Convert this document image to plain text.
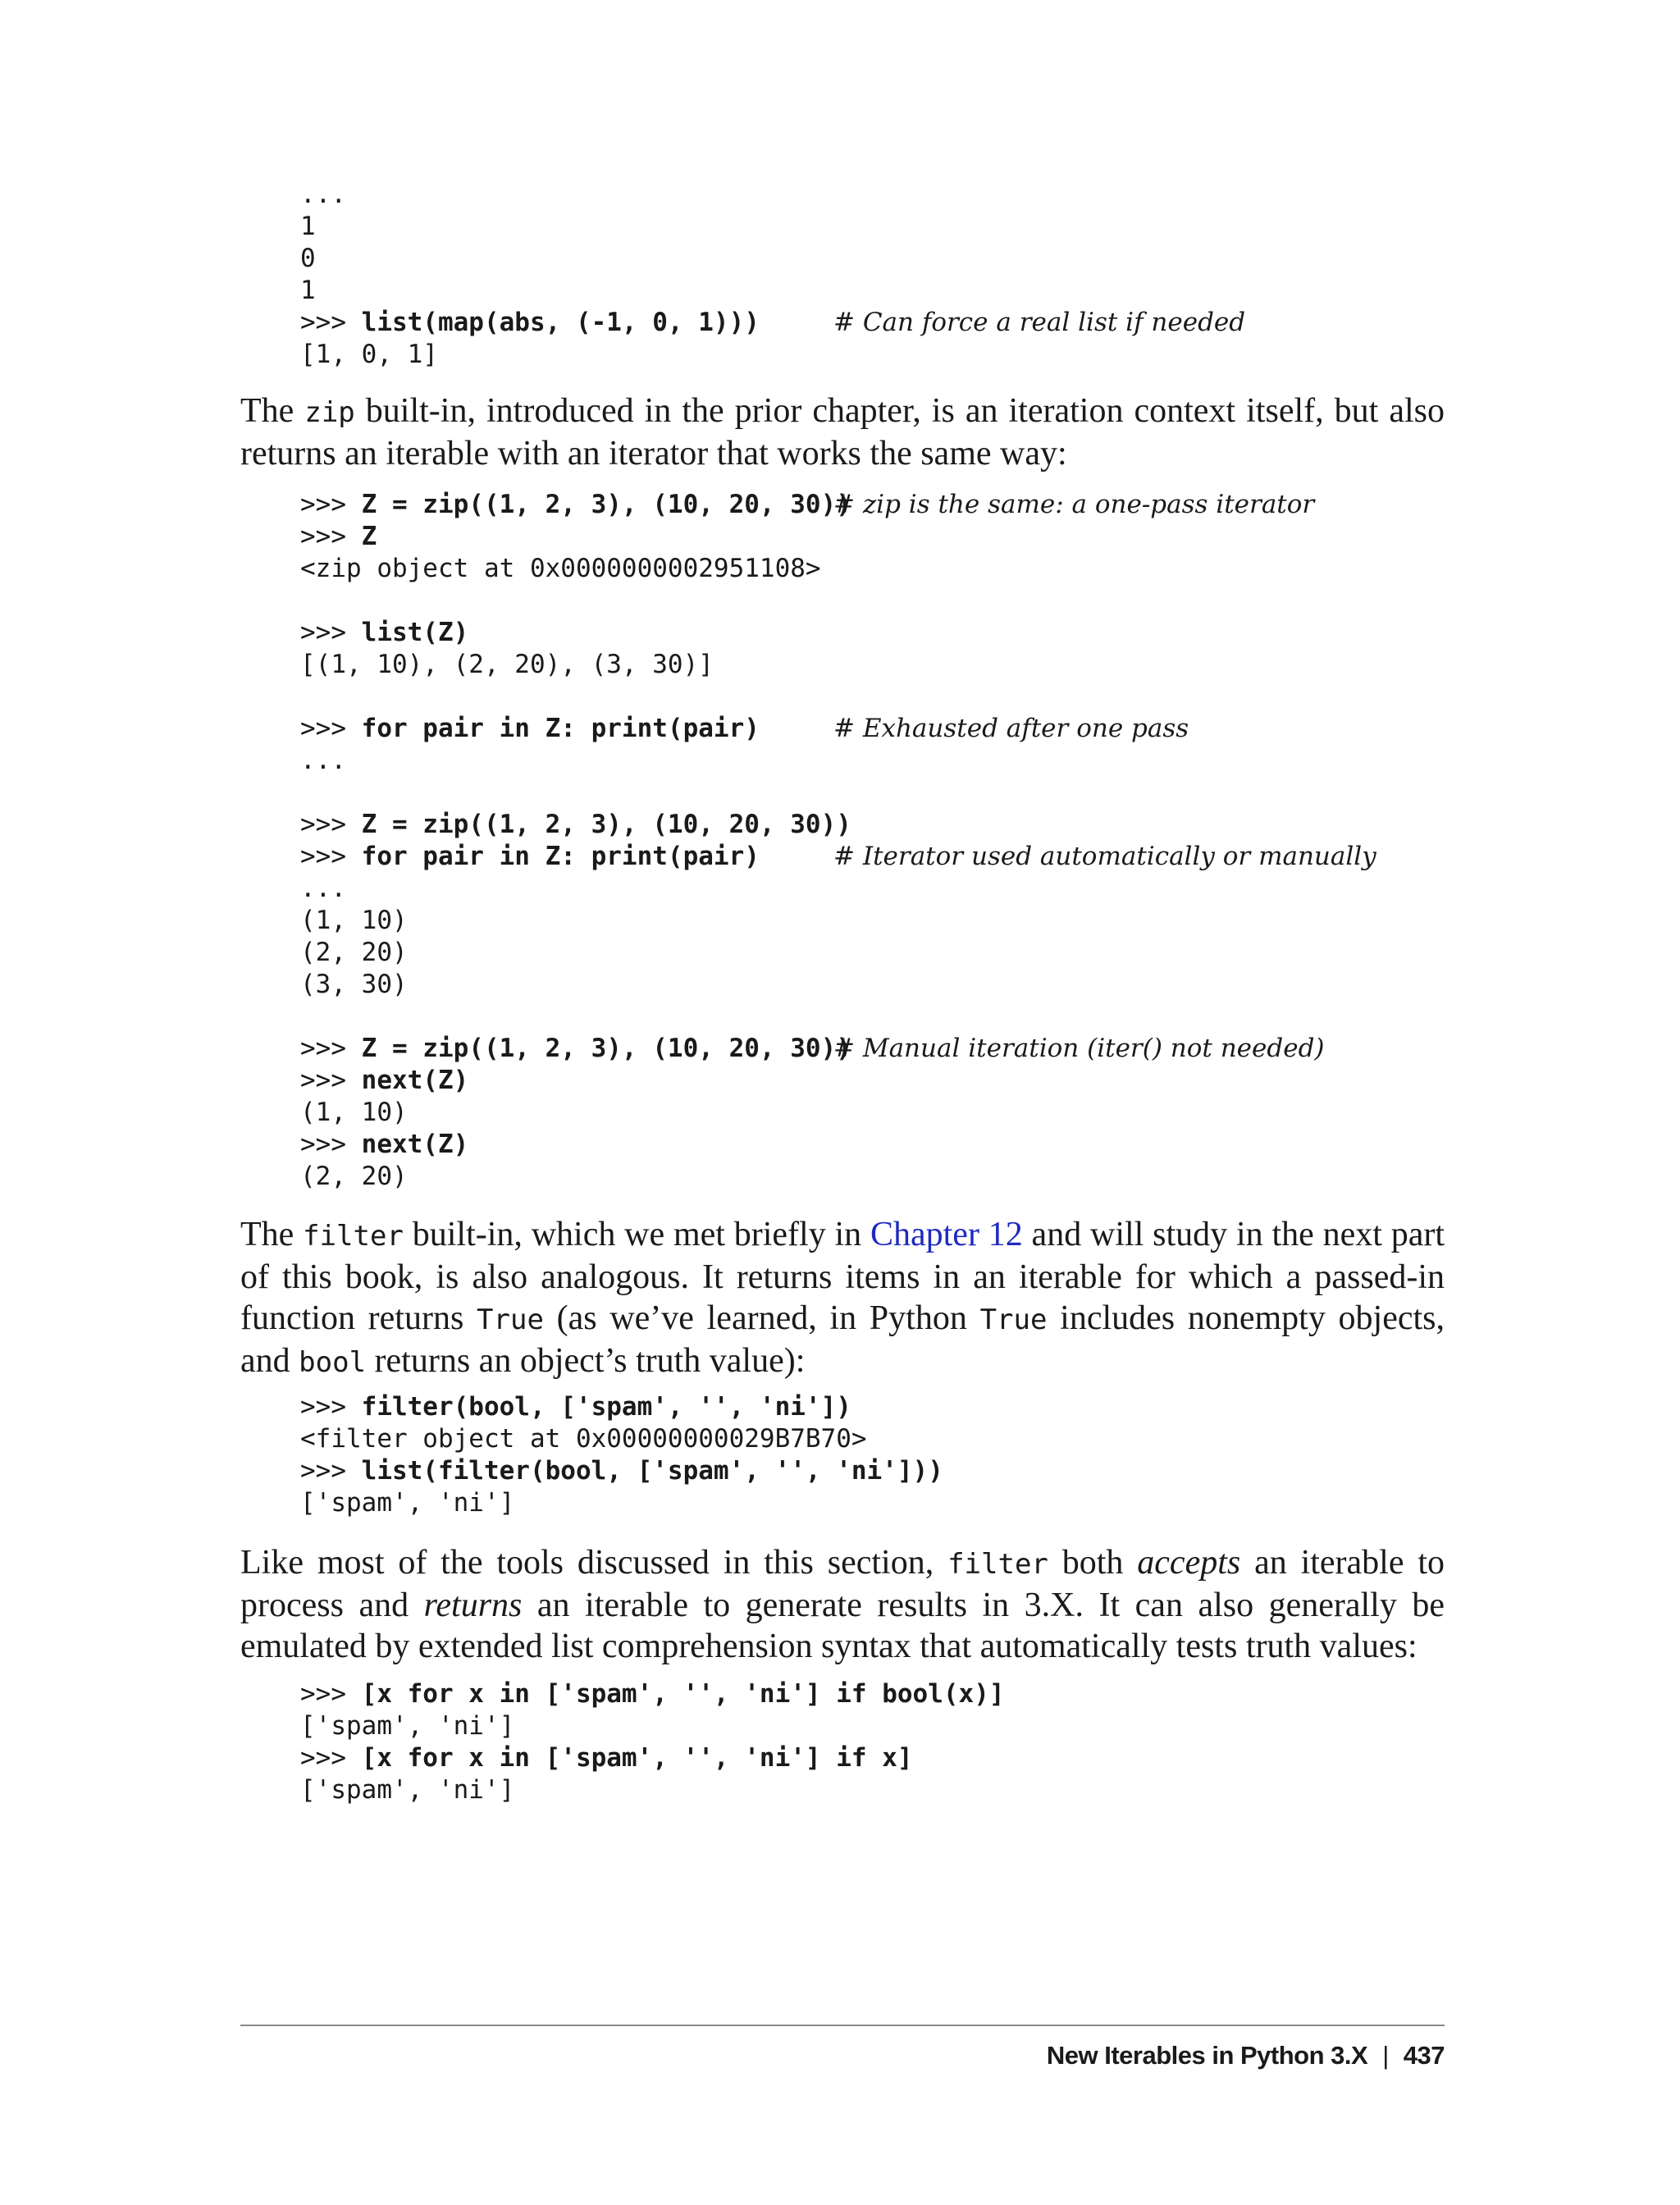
...
1
0
1
>>> list(map(abs, (-1, 0, 1)))	# Can force a real list if needed
[1, 0, 1]

The zip built-in, introduced in the prior chapter, is an iteration context itself, but also returns an iterable with an iterator that works the same way:

>>> Z = zip((1, 2, 3), (10, 20, 30))
# zip is the same: a one-pass iterator
>>> Z
<zip object at 0x0000000002951108>
>>> list(Z)
[(1, 10), (2, 20), (3, 30)]
>>> for pair in Z: print(pair)	# Exhausted after one pass
...
>>> Z = zip((1, 2, 3), (10, 20, 30))
>>> for pair in Z: print(pair)	# Iterator used automatically or manually
...
(1, 10)
(2, 20)
(3, 30)
>>> Z = zip((1, 2, 3), (10, 20, 30))
# Manual iteration (iter() not needed)
>>> next(Z)
(1, 10)
>>> next(Z)
(2, 20)

The filter built-in, which we met briefly in Chapter 12 and will study in the next part of this book, is also analogous. It returns items in an iterable for which a passed-in function returns True (as we’ve learned, in Python True includes nonempty objects, and bool returns an object’s truth value):

>>> filter(bool, ['spam', '', 'ni'])
<filter object at 0x00000000029B7B70>
>>> list(filter(bool, ['spam', '', 'ni']))
['spam', 'ni']

Like most of the tools discussed in this section, filter both accepts an iterable to process and returns an iterable to generate results in 3.X. It can also generally be emulated by extended list comprehension syntax that automatically tests truth values:

>>> [x for x in ['spam', '', 'ni'] if bool(x)]
['spam', 'ni']
>>> [x for x in ['spam', '', 'ni'] if x]
['spam', 'ni']
New Iterables in Python 3.X | 437
